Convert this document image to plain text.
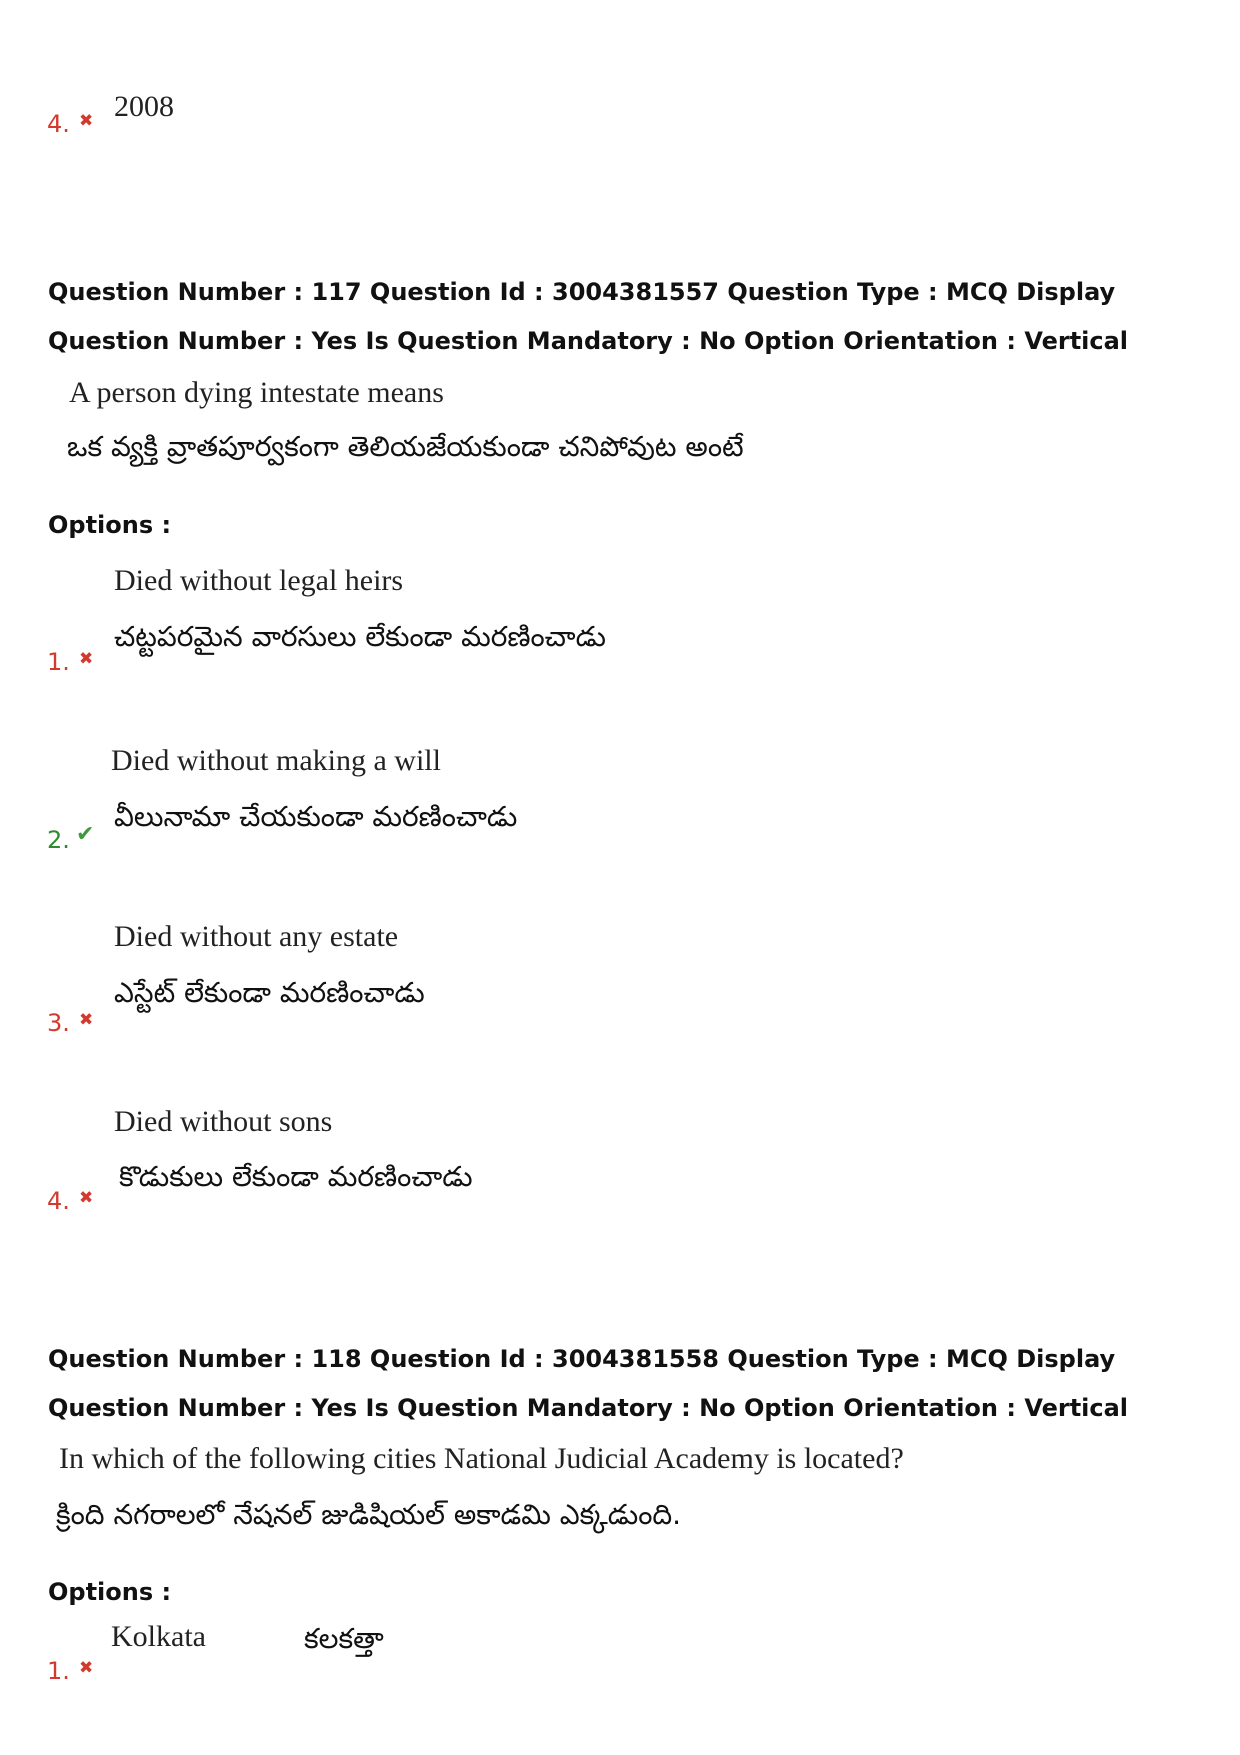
4. ✖ 2008
Question Number : 117 Question Id : 3004381557 Question Type : MCQ Display Question Number : Yes Is Question Mandatory : No Option Orientation : Vertical
A person dying intestate means
ఒక వ్యక్తి వ్రాతపూర్వకంగా తెలియజేయకుండా చనిపోవుట అంటే
Options :
Died without legal heirs
చట్టపరమైన వారసులు లేకుండా మరణించాడు
1. ✖
Died without making a will
వీలునామా చేయకుండా మరణించాడు
2. ✔
Died without any estate
ఎస్టేట్ లేకుండా మరణించాడు
3. ✖
Died without sons
కొడుకులు లేకుండా మరణించాడు
4. ✖
Question Number : 118 Question Id : 3004381558 Question Type : MCQ Display Question Number : Yes Is Question Mandatory : No Option Orientation : Vertical
In which of the following cities National Judicial Academy is located?
క్రింది నగరాలలో నేషనల్ జుడిషియల్ అకాడమి ఎక్కడుంది.
Options :
Kolkata	కలకత్తా
1. ✖
